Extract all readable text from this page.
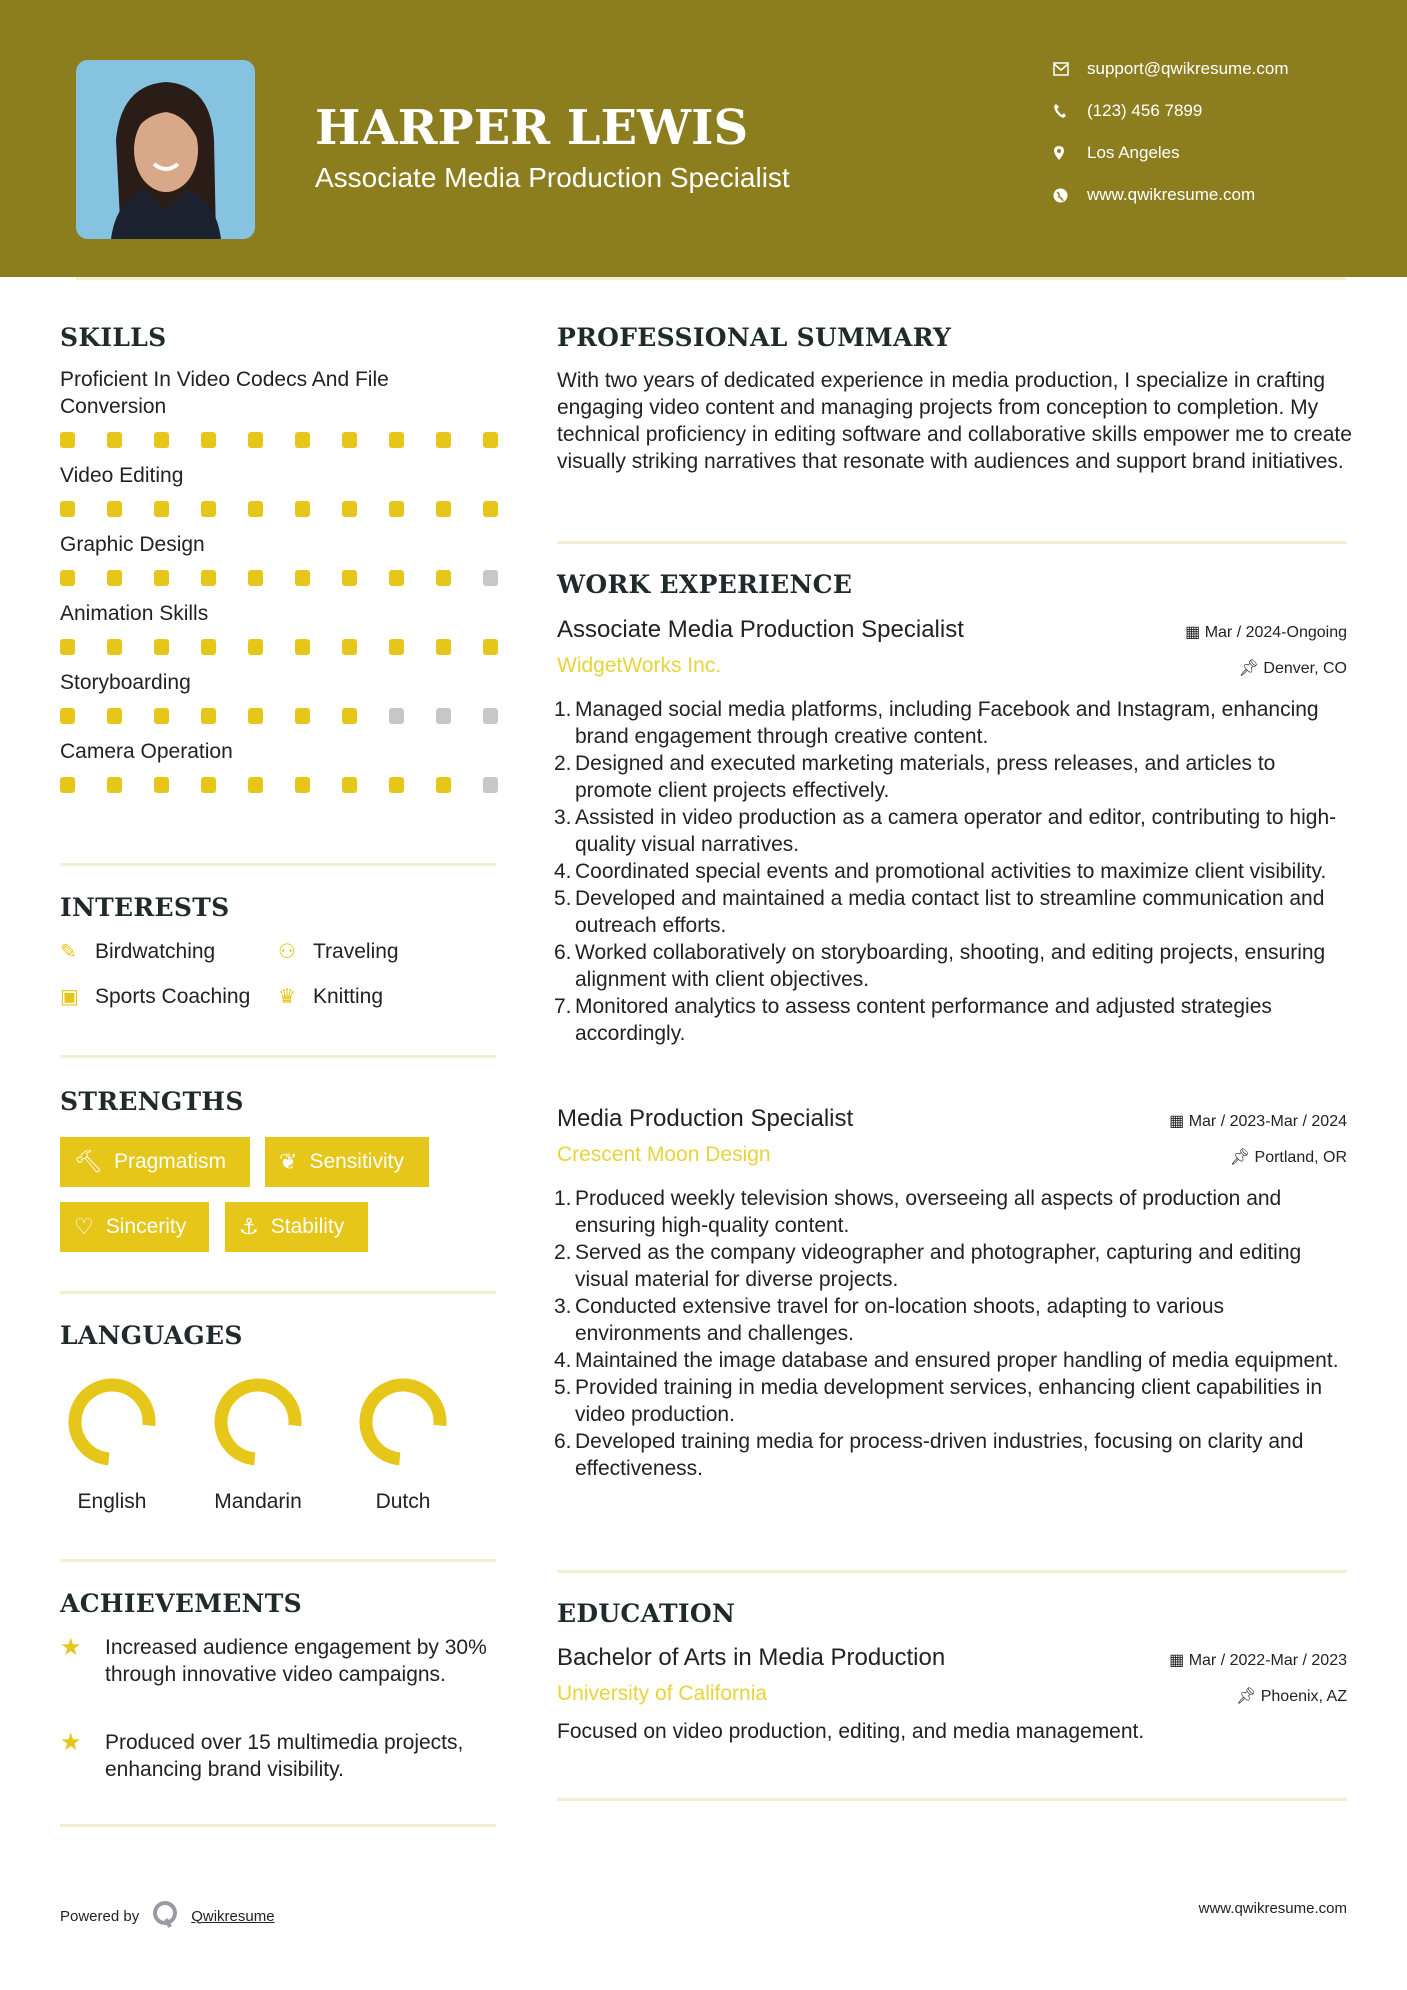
HARPER LEWIS
Associate Media Production Specialist
support@qwikresume.com
(123) 456 7899
Los Angeles
www.qwikresume.com
SKILLS
Proficient In Video Codecs And File Conversion
Video Editing
Graphic Design
Animation Skills
Storyboarding
Camera Operation
INTERESTS
✎ Birdwatching	⚇ Traveling
▣ Sports Coaching ♛ Knitting
STRENGTHS
🔨︎ Pragmatism ❦ Sensitivity
♡ Sincerity ⚓︎ Stability
LANGUAGES
English	Mandarin	Dutch
ACHIEVEMENTS
★	Increased audience engagement by 30% through innovative video campaigns.
★	Produced over 15 multimedia projects, enhancing brand visibility.
PROFESSIONAL SUMMARY
With two years of dedicated experience in media production, I specialize in crafting engaging video content and managing projects from conception to completion. My technical proficiency in editing software and collaborative skills empower me to create visually striking narratives that resonate with audiences and support brand initiatives.
WORK EXPERIENCE
Associate Media Production Specialist	▦ Mar / 2024-Ongoing
WidgetWorks Inc.	📌︎ Denver, CO
1. Managed social media platforms, including Facebook and Instagram, enhancing brand engagement through creative content.
2. Designed and executed marketing materials, press releases, and articles to promote client projects effectively.
3. Assisted in video production as a camera operator and editor, contributing to high-quality visual narratives.
4. Coordinated special events and promotional activities to maximize client visibility.
5. Developed and maintained a media contact list to streamline communication and outreach efforts.
6. Worked collaboratively on storyboarding, shooting, and editing projects, ensuring alignment with client objectives.
7. Monitored analytics to assess content performance and adjusted strategies accordingly.
Media Production Specialist	▦ Mar / 2023-Mar / 2024
Crescent Moon Design	📌︎ Portland, OR
1. Produced weekly television shows, overseeing all aspects of production and ensuring high-quality content.
2. Served as the company videographer and photographer, capturing and editing visual material for diverse projects.
3. Conducted extensive travel for on-location shoots, adapting to various environments and challenges.
4. Maintained the image database and ensured proper handling of media equipment.
5. Provided training in media development services, enhancing client capabilities in video production.
6. Developed training media for process-driven industries, focusing on clarity and effectiveness.
EDUCATION
Bachelor of Arts in Media Production	▦ Mar / 2022-Mar / 2023
University of California	📌︎ Phoenix, AZ
Focused on video production, editing, and media management.
Powered by	Qwikresume	www.qwikresume.com
